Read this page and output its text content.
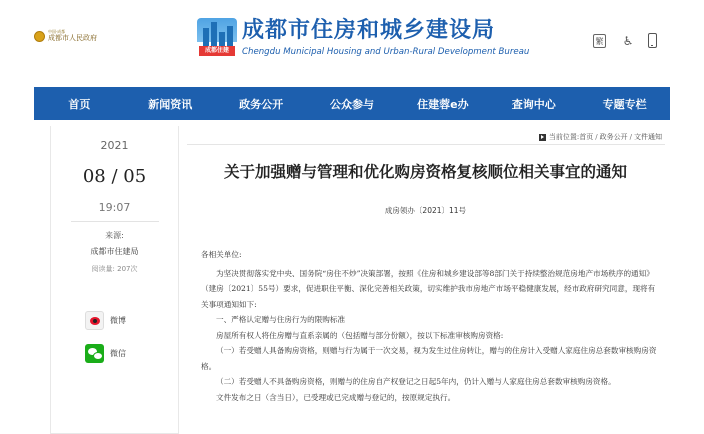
中国·成都
成都市人民政府
成都住建
成都市住房和城乡建设局
Chengdu Municipal Housing and Urban-Rural Development Bureau
繁 ♿
首页	新闻资讯	政务公开	公众参与	住建蓉e办	查询中心	专题专栏
2021
08 / 05
19:07
来源:
成都市住建局
阅读量: 207次
微博
微信
当前位置: 首页 / 政务公开 / 文件通知
关于加强赠与管理和优化购房资格复核顺位相关事宜的通知
成房领办〔2021〕11号

各相关单位:

为坚决贯彻落实党中央、国务院“房住不炒”决策部署，按照《住房和城乡建设部等8部门关于持续整治规范房地产市场秩序的通知》（建房〔2021〕55号）要求，促进职住平衡、深化完善相关政策，切实维护我市房地产市场平稳健康发展，经市政府研究同意，现将有关事项通知如下:

一、严格认定赠与住房行为的限购标准

房屋所有权人将住房赠与直系亲属的（包括赠与部分份额），按以下标准审核购房资格:

（一）若受赠人具备购房资格，则赠与行为属于一次交易，视为发生过住房转让，赠与的住房计入受赠人家庭住房总套数审核购房资格。

（二）若受赠人不具备购房资格，则赠与的住房自产权登记之日起5年内，仍计入赠与人家庭住房总套数审核购房资格。

文件发布之日（含当日），已受理或已完成赠与登记的，按原规定执行。
